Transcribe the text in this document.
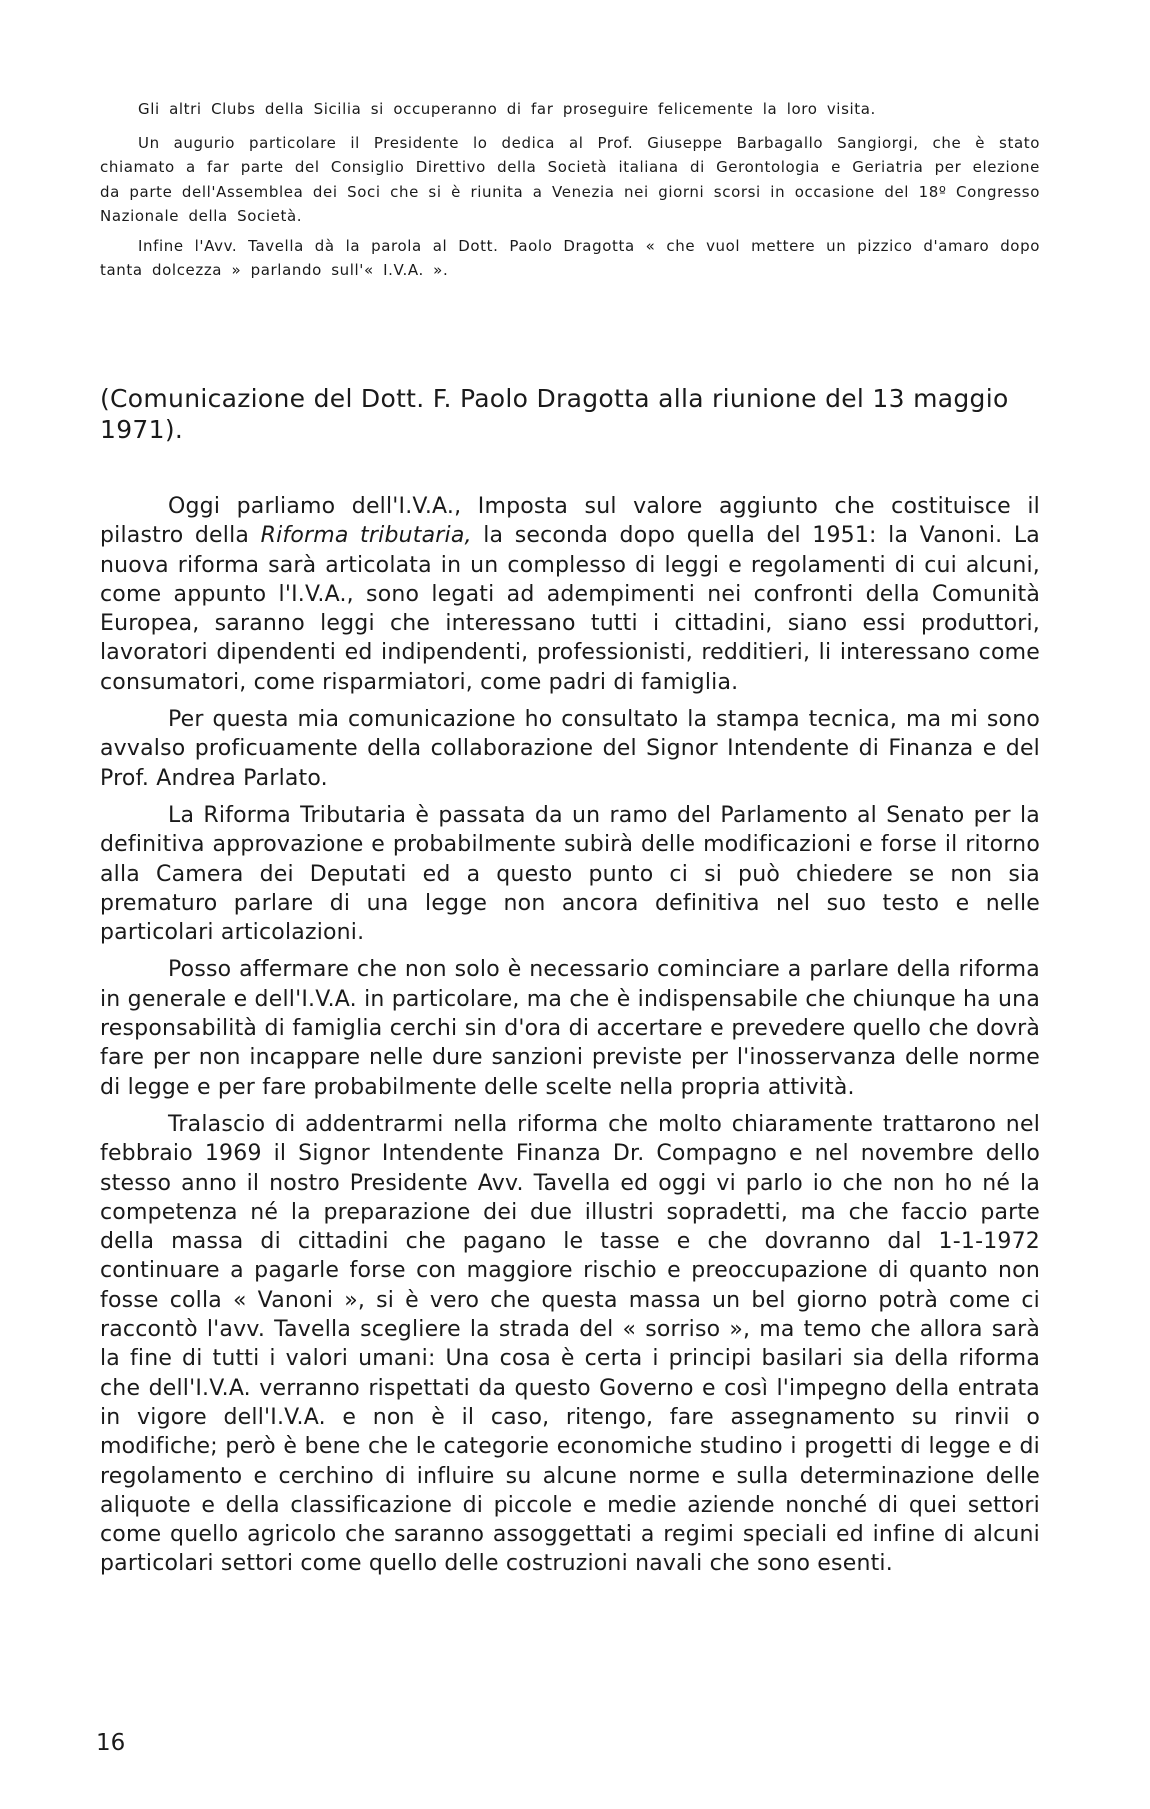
Gli altri Clubs della Sicilia si occuperanno di far proseguire felicemente la loro visita.

Un augurio particolare il Presidente lo dedica al Prof. Giuseppe Barbagallo Sangiorgi, che è stato chiamato a far parte del Consiglio Direttivo della Società italiana di Gerontologia e Geriatria per elezione da parte dell'Assemblea dei Soci che si è riunita a Venezia nei giorni scorsi in occasione del 18º Congresso Nazionale della Società.

Infine l'Avv. Tavella dà la parola al Dott. Paolo Dragotta « che vuol mettere un pizzico d'amaro dopo tanta dolcezza » parlando sull'« I.V.A. ».

(Comunicazione del Dott. F. Paolo Dragotta alla riunione del 13 maggio 1971).

Oggi parliamo dell'I.V.A., Imposta sul valore aggiunto che costituisce il pilastro della Riforma tributaria, la seconda dopo quella del 1951: la Vanoni. La nuova riforma sarà articolata in un complesso di leggi e regolamenti di cui alcuni, come appunto l'I.V.A., sono legati ad adempimenti nei confronti della Comunità Europea, saranno leggi che interessano tutti i cittadini, siano essi produttori, lavoratori dipendenti ed indipendenti, professionisti, redditieri, li interessano come consumatori, come risparmiatori, come padri di famiglia.

Per questa mia comunicazione ho consultato la stampa tecnica, ma mi sono avvalso proficuamente della collaborazione del Signor Intendente di Finanza e del Prof. Andrea Parlato.

La Riforma Tributaria è passata da un ramo del Parlamento al Senato per la definitiva approvazione e probabilmente subirà delle modificazioni e forse il ritorno alla Camera dei Deputati ed a questo punto ci si può chiedere se non sia prematuro parlare di una legge non ancora definitiva nel suo testo e nelle particolari articolazioni.

Posso affermare che non solo è necessario cominciare a parlare della riforma in generale e dell'I.V.A. in particolare, ma che è indispensabile che chiunque ha una responsabilità di famiglia cerchi sin d'ora di accertare e prevedere quello che dovrà fare per non incappare nelle dure sanzioni previste per l'inosservanza delle norme di legge e per fare probabilmente delle scelte nella propria attività.

Tralascio di addentrarmi nella riforma che molto chiaramente trattarono nel febbraio 1969 il Signor Intendente Finanza Dr. Compagno e nel novembre dello stesso anno il nostro Presidente Avv. Tavella ed oggi vi parlo io che non ho né la competenza né la preparazione dei due illustri sopradetti, ma che faccio parte della massa di cittadini che pagano le tasse e che dovranno dal 1-1-1972 continuare a pagarle forse con maggiore rischio e preoccupazione di quanto non fosse colla « Vanoni », si è vero che questa massa un bel giorno potrà come ci raccontò l'avv. Tavella scegliere la strada del « sorriso », ma temo che allora sarà la fine di tutti i valori umani: Una cosa è certa i principi basilari sia della riforma che dell'I.V.A. verranno rispettati da questo Governo e così l'impegno della entrata in vigore dell'I.V.A. e non è il caso, ritengo, fare assegnamento su rinvii o modifiche; però è bene che le categorie economiche studino i progetti di legge e di regolamento e cerchino di influire su alcune norme e sulla determinazione delle aliquote e della classificazione di piccole e medie aziende nonché di quei settori come quello agricolo che saranno assoggettati a regimi speciali ed infine di alcuni particolari settori come quello delle costruzioni navali che sono esenti.

16
